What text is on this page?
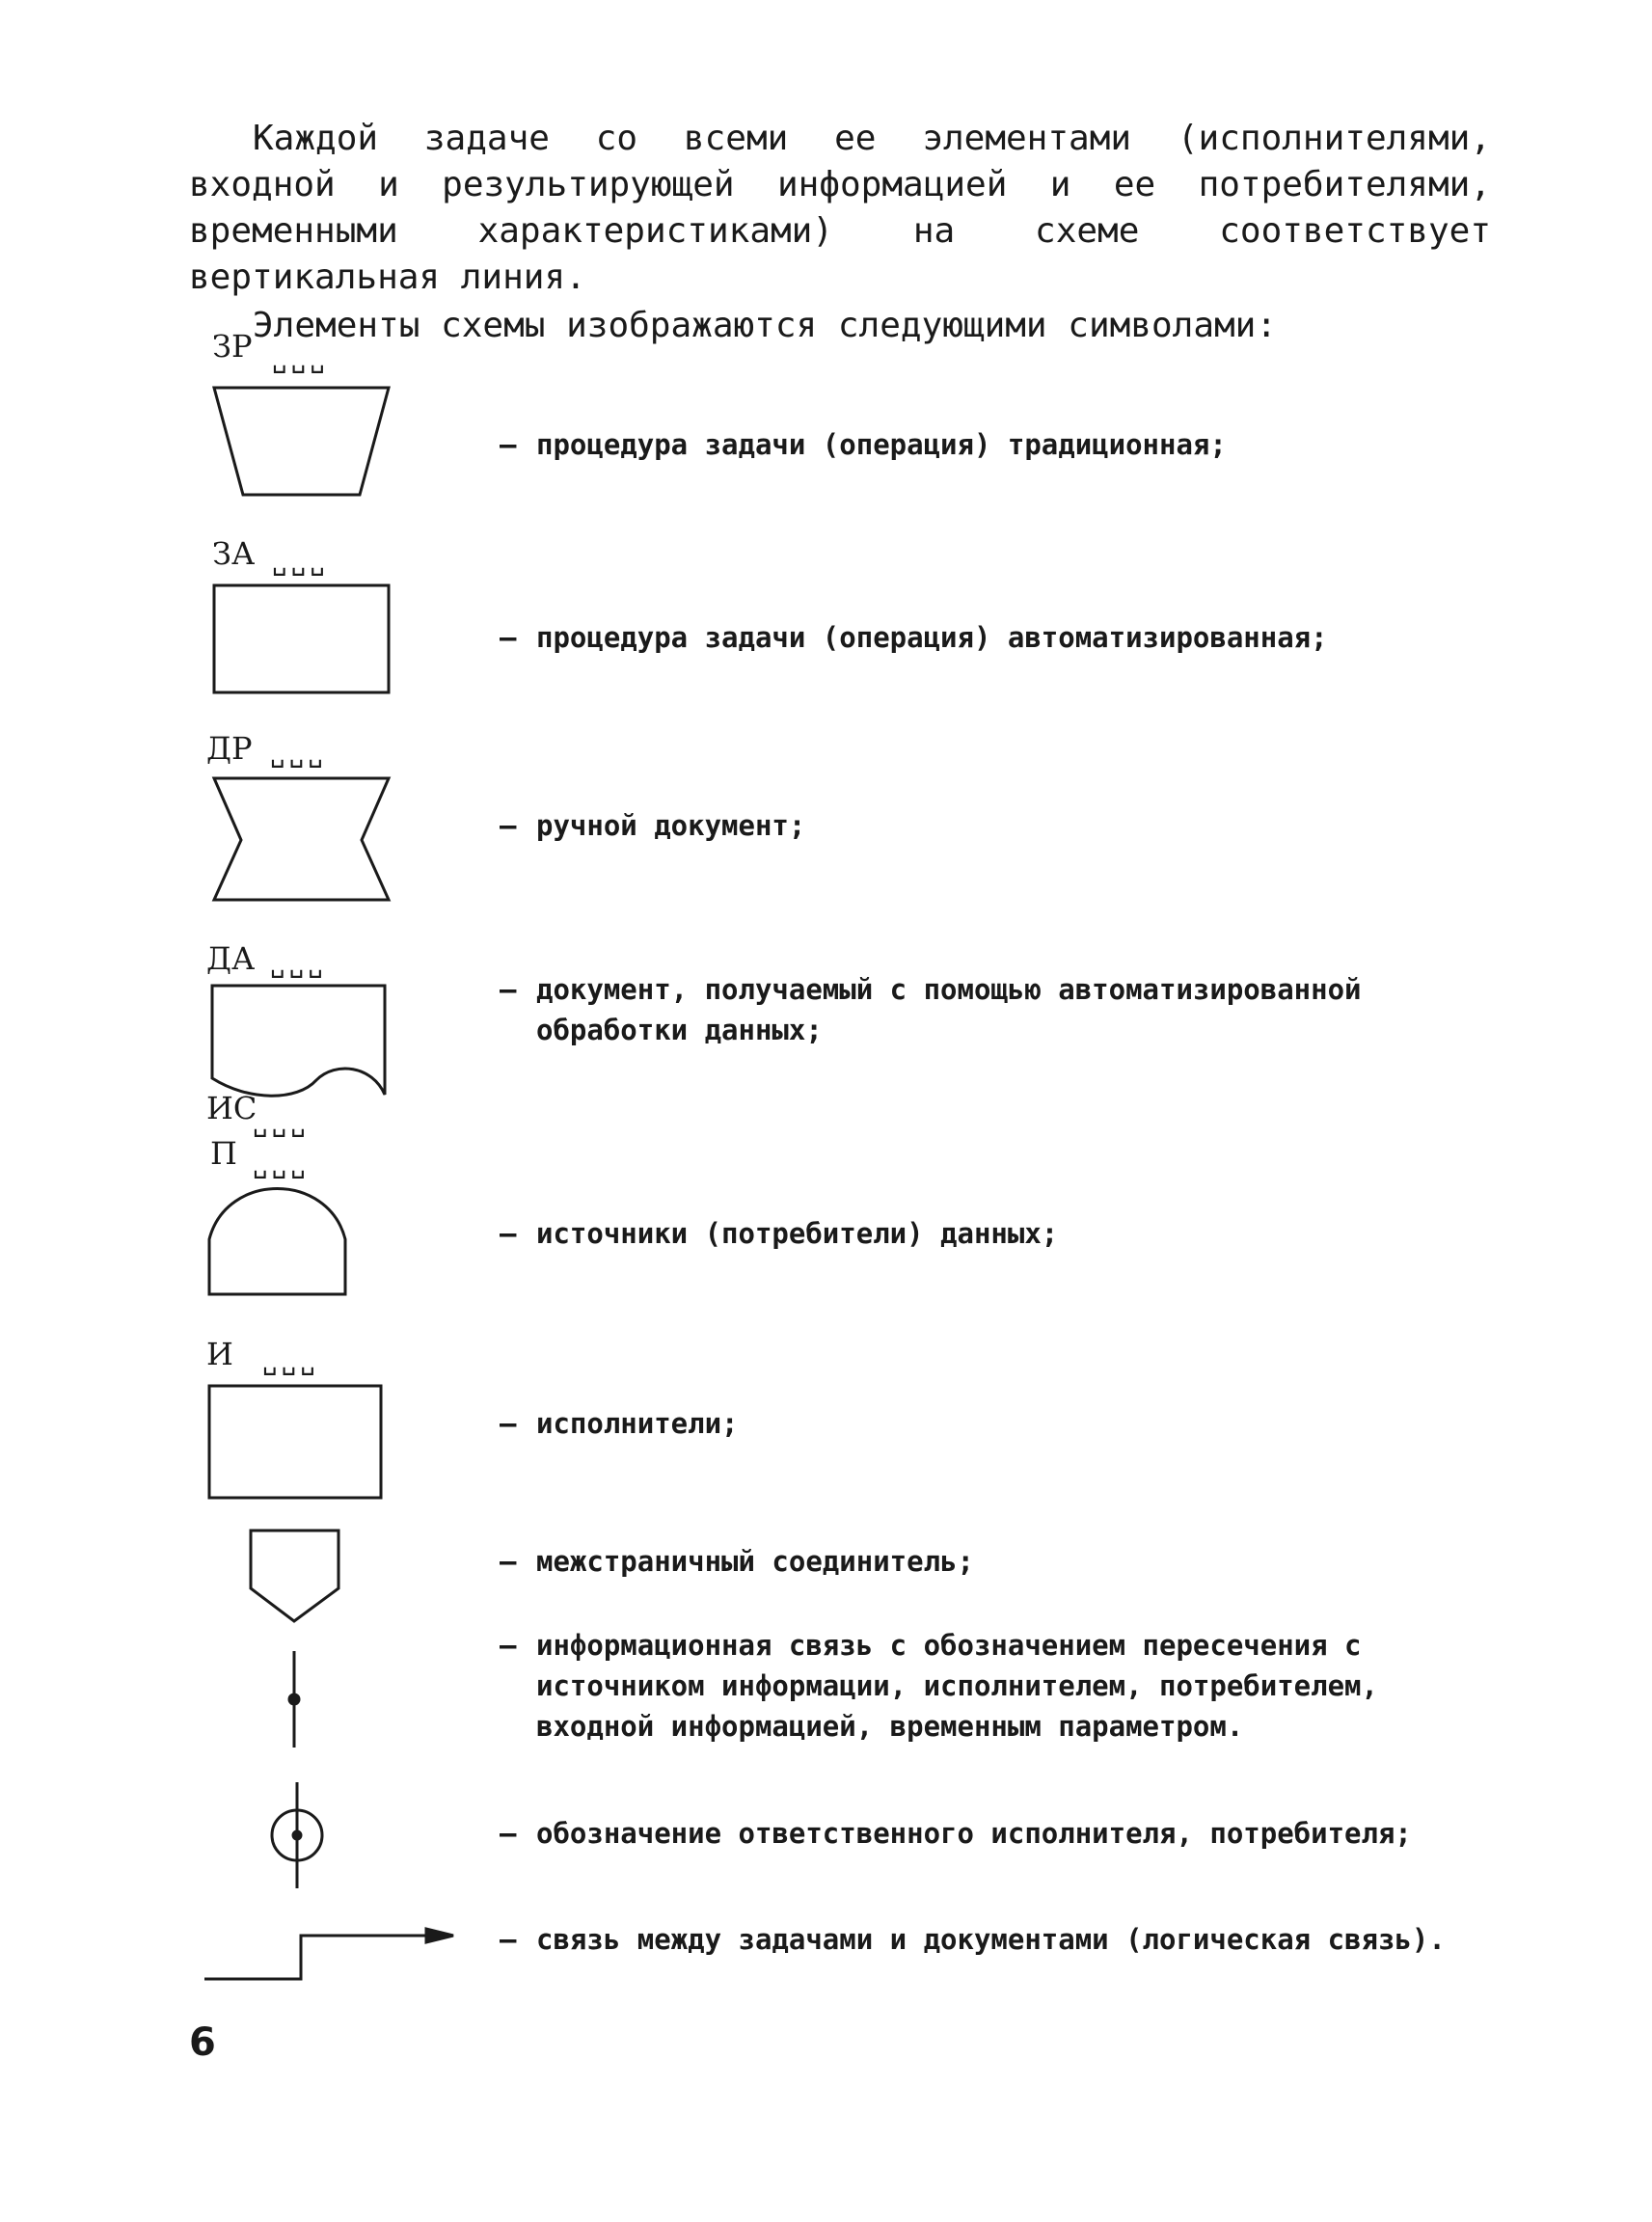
Каждой задаче со всеми ее элементами (исполнителями, входной и результирующей информацией и ее потребителями, временными характеристиками) на схеме соответствует вертикальная линия.

Элементы схемы изображаются следующими символами:

ЗР ␣␣␣
– процедура задачи (операция) традиционная;
ЗА ␣␣␣
– процедура задачи (операция) автоматизированная;
ДР ␣␣␣
– ручной документ;
ДА ␣␣␣
– документ, получаемый с помощью автоматизированной обработки данных;
ИС
␣␣␣
П ␣␣␣
– источники (потребители) данных;
И ␣␣␣
– исполнители;
– межстраничный соединитель;
– информационная связь с обозначением пересечения с источником информации, исполнителем, потребителем, входной информацией, временным параметром.
– обозначение ответственного исполнителя, потребителя;
– связь между задачами и документами (логическая связь).
6
